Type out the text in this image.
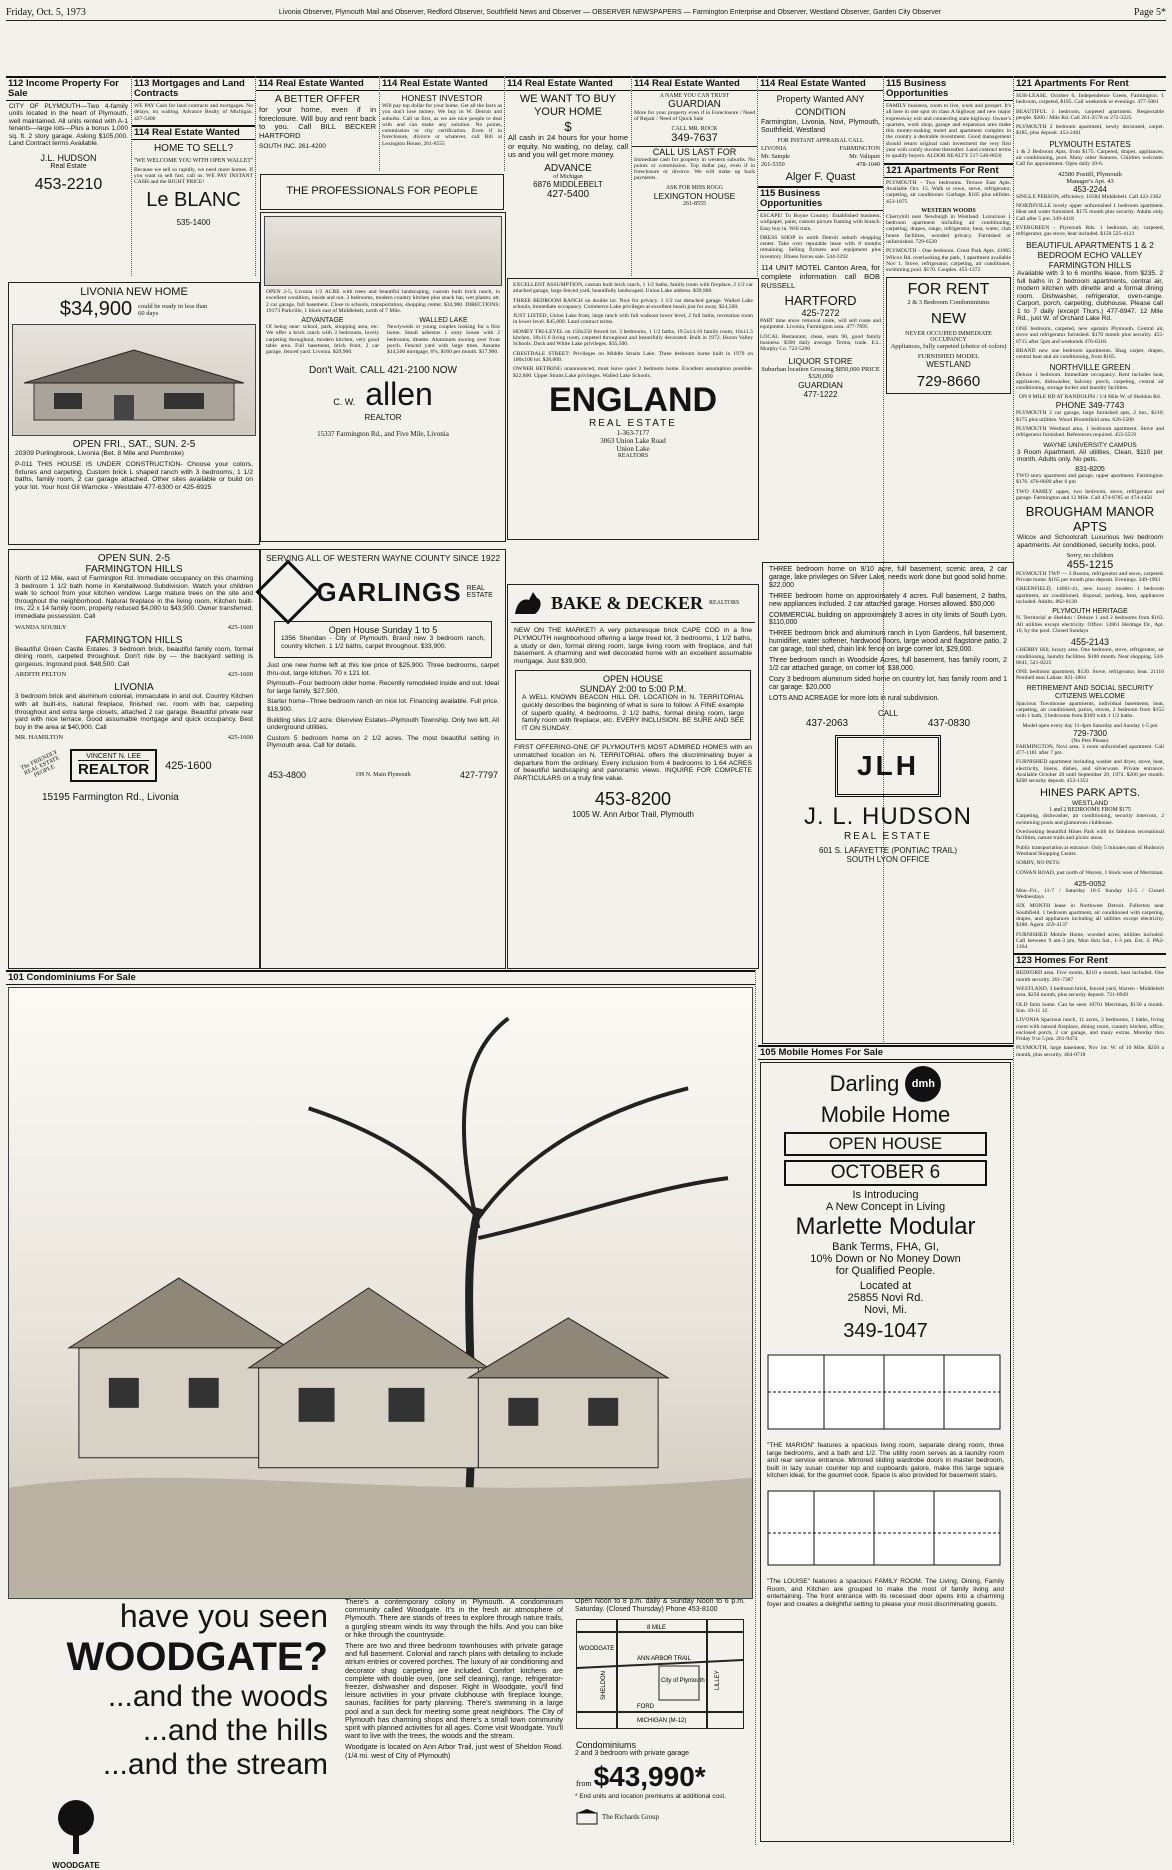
Friday, Oct. 5, 1973	Livonia Observer, Plymouth Mail and Observer, Redford Observer, Southfield News and Observer — OBSERVER NEWSPAPERS — Farmington Enterprise and Observer, Westland Observer, Garden City Observer	Page 5*
112 Income Property For Sale
CITY OF PLYMOUTH—Two 4-family units located in the heart of Plymouth, well maintained. All units rented with A-1 tenants—large lots—Plus a bonus 1,000 sq. ft. 2 story garage. Asking $105,000. Land Contract terms Available.
J.L. HUDSON
Real Estate
453-2210
113 Mortgages and Land Contracts
WE PAY Cash for land contracts and mortgages. No delays, no waiting. Advance Realty of Michigan. 427-5400
114 Real Estate Wanted
HOME TO SELL?
"WE WELCOME YOU WITH OPEN WALLET"
Because we sell so rapidly, we need more homes. If you want to sell fast, call us. WE PAY INSTANT CASH and the RIGHT PRICE!
Le BLANC
535-1400
114 Real Estate Wanted
A BETTER OFFER
for your home, even if in foreclosure. Will buy and rent back to you. Call BILL BECKER HARTFORD
SOUTH INC. 261-4200
114 Real Estate Wanted
HONEST INVESTOR
Will pay top dollar for your home. Get all the facts as you don't lose money. We buy in W. Detroit and suburbs. Call us first, as we are nice people to deal with and can make any solution. No points, commission or city certification. Even if in foreclosure, divorce or whatever, call Bill at Lexington House, 261-8555
THE PROFESSIONALS FOR PEOPLE
114 Real Estate Wanted
WE WANT TO BUY YOUR HOME
$
All cash in 24 hours for your home or equity. No waiting, no delay, call us and you will get more money.
ADVANCE
of Michigan
6876 MIDDLEBELT
427-5400
114 Real Estate Wanted
A NAME YOU CAN TRUST
GUARDIAN
More for your property even if in Foreclosure / Need of Repair / Need of Quick Sale
CALL MR. ROCK
349-7637
CALL US LAST FOR
Immediate cash for property in western suburbs. No points or commission. Top dollar pay, even if in foreclosure or divorce. We will make up back payments.
ASK FOR MISS ROGG
LEXINGTON HOUSE
261-8555
114 Real Estate Wanted
Property Wanted ANY CONDITION
Farmington, Livonia, Novi, Plymouth, Southfield, Westland
FOR INSTANT APPRAISAL CALL
LIVONIA	FARMINGTON
Mr. Sample	Mr. Valiquet
261-5350	478-1040
Alger F. Quast
115 Business Opportunities
ESCAPE! To Boyne Country. Established business; wallpaper, paint, custom picture framing with branch. Easy buy in. Will train.
DRESS SHOP in north Detroit suburb shopping center. Take over reputable lease with 8 months remaining. Selling fixtures and equipment plus inventory. Illness forces sale. 544-3292
114 UNIT MOTEL Canton Area, for complete information call BOB RUSSELL
HARTFORD
425-7272
PART time snow removal route, will sell route and equipment. Livonia, Farmington area. 477-7895
LOCAL Restaurant, clean, seats 90, good family business. $300 daily average. Terms, trade. E.L. Murphy Co. 722-5200
LIQUOR STORE
Suburban location Grossing $850,000 PRICE $320,000
GUARDIAN
477-1222
115 Business Opportunities
FAMILY business, room to live, work and prosper. It's all here in one spot on class A highway and new major expressway exit and connecting state highway. Owner's quarters, work shop, garage and expansion area make this money-making motel and apartment complex in the country a desirable investment. Good management should return original cash investment the very first year with comfy income thereafter. Land contract terms to qualify buyers. ALDOR REALTY 517-546-8650
121 Apartments For Rent
PLYMOUTH - Two bedrooms. Terrace East Apts. Available Oct. 15. Walk to town, stove, refrigerator, carpeting, air conditioner. Garbage. $185 plus utilities. 453-1875
WESTERN WOODS
Cherryhill near Newburgh in Westland. Luxurious 1 bedroom apartment including air conditioning, carpeting, drapes, range, refrigerator, heat, water, club house facilities, wooded privacy. Furnished or unfurnished. 729-6520
PLYMOUTH - One bedroom. Great Park Apts. 41065 Wilcox Rd. overlooking the park, 1 apartment available Nov 1. Stove, refrigerator, carpeting, air conditioner, swimming pool. $170. Couples. 455-1372
FOR RENT
2 & 3 Bedroom Condominiums
NEW
NEVER OCCUPIED IMMEDIATE OCCUPANCY
Appliances, fully carpeted (choice of colors)
FURNISHED MODEL
WESTLAND
729-8660
121 Apartments For Rent
SUB-LEASE, October 6, Independence Green, Farmington. 1 bedroom, carpeted, $185. Call weekends or evenings. 477-5081
BEAUTIFUL 1 bedroom, carpeted apartment. Respectable people. $200 / Mile Rd. Call 261-2578 or 272-3225
PLYMOUTH 2 bedroom apartment, newly decorated, carpet. $185, plus deposit. 453-2461
PLYMOUTH ESTATES
1 & 2 Bedroom Apts. from $175. Carpeted, drapes, appliances, air conditioning, pool. Many other features. Children welcome. Call for appointment. Open daily 10-6.
42580 Postiff, Plymouth
Manager's Apt. 43
453-2244
SINGLE PERSON, efficiency. 16584 Middlebelt. Call 422-2362
NORTHVILLE lovely upper unfurnished 1 bedroom apartment. Heat and water furnished. $175 month plus security. Adults only. Call after 5 pm. 349-4418
EVERGREEN - Plymouth Rds. 1 bedroom, air, carpeted, refrigerator, gas stove, heat included. $150 525-4123
BEAUTIFUL APARTMENTS 1 & 2 BEDROOM ECHO VALLEY FARMINGTON HILLS
Available with 3 to 6 months lease, from $235. 2 full baths in 2 bedroom apartments, central air, modern kitchen with dinette and a formal dining room. Dishwasher, refrigerator, oven-range. Carport, porch, carpeting, clubhouse. Please call 1 to 7 daily (except Thurs.) 477-8947. 12 Mile Rd., just W. of Orchard Lake Rd.
ONE bedroom, carpeted, new upstairs Plymouth. Central air, stove and refrigerator furnished. $170 month plus security. 455-6715 after 5pm and weekends 476-6318.
BRAND new one bedroom apartments. Shag carpet, drapes, central heat and air conditioning, from $185.
NORTHVILLE GREEN
Deluxe 1 bedroom. Immediate occupancy. Rent includes heat, appliances, dishwasher, balcony porch, carpeting, central air conditioning, storage locker and laundry facilities.
ON 8 MILE RD AT RANDOLPH / 1/4 Mile W. of Sheldon Rd.
PHONE 349-7743
PLYMOUTH 2 car garage, large furnished apts, 2 mo., $210; $175 plus utilities. Wood Bloomfield area. 626-5500
PLYMOUTH Westland area, 1 bedroom apartment. Stove and refrigerator furnished. References required. 453-5559
WAYNE UNIVERSITY CAMPUS
3 Room Apartment. All utilities, Clean, $110 per month. Adults only. No pets.
831-8205
TWO story apartment and garage, upper apartment. Farmington. $176. 476-6609 after 6 pm
TWO FAMILY upper, two bedroom, stove, refrigerator and garage. Farmington and 12 Mile. Call 474-8785 or 474-4456
BROUGHAM MANOR APTS
Wilcox and Schoolcraft Luxurious two bedroom apartments. Air conditioned, security locks, pool.
Sorry, no children
455-1215
PLYMOUTH TWP — 3 Rooms, refrigerator and stove, carpeted. Private home. $165 per month plus deposit. Evenings. 349-1903
GREENFIELD, 14601-41, new luxury modern 1 bedroom apartment, air conditioned, disposal, parking, heat, appliances included. Adults. 862-8138
PLYMOUTH HERITAGE
N. Territorial at Sheldon / Deluxe 1 and 2 bedrooms from $163. All utilities except electricity. Office: 12861 Heritage Dr., Apt. 10, by the pool. Closed Sundays
455-2143
CHERRY Hill, luxury area. One bedroom, stove, refrigerator, air conditioning, laundry facilities. $180 month. Near shopping. 544-8641, 541-8225
ONE bedroom apartment, $120. Stove, refrigerator, heat. 21116 Pembell near Lahser. 821-1804
RETIREMENT AND SOCIAL SECURITY CITIZENS WELCOME
Spacious Townhouse apartments, individual basements, heat, carpeting, air conditioned, patios, stoves, 2 bedroom from $155 with 1 bath, 3 bedrooms from $169 with 1 1/2 baths.
Model open every day 11-4pm Saturday and Sunday 1-5 pm
729-7300
(No Pets Please)
FARMINGTON, Novi area. 3 room unfurnished apartment. Call 477-1181 after 7 pm.
FURNISHED apartment including washer and dryer, stove, heat, electricity, linens, dishes, and silverware. Private entrance. Available October 20 until September 20, 1974. $200 per month. $200 security deposit. 453-1353
HINES PARK APTS.
WESTLAND
1 and 2 BEDROOMS FROM $175
Carpeting, dishwasher, air conditioning, security intercom, 2 swimming pools and glamorous clubhouse.
Overlooking beautiful Hines Park with its fabulous recreational facilities, nature trails and picnic areas.
Public transportation at entrance. Only 5 minutes east of Hudson's Westland Shopping Center.
SORRY, NO PETS:
COWAN ROAD, just north of Warren, 1 block west of Merriman.
425-0052
Mon.-Fri., 11-7 / Saturday 10-5 Sunday 12-5 / Closed Wednesdays
SIX MONTH lease in Northwest Detroit. Fullerton near Southfield. 1 bedroom apartment, air conditioned with carpeting, drapes, and appliances including all utilities except electricity. $180. Agent. 459-4137
FURNISHED Mobile Home, wooded acres, utilities included. Call between 9 am-3 pm, Mon thru Sat., 1-3 pm. Ext. 3. PA2-1364
123 Homes For Rent
REDFORD area. Five rooms, $210 a month, heat included. One month security. 261-7387
WESTLAND, 3 bedroom brick, fenced yard, Warren - Middlebelt area. $250 month, plus security deposit. 721-6949
OLD farm home. Can be seen 10701 Merriman, $150 a month. Sun. 10-11 12.
LIVONIA Spacious ranch, 11 acres, 3 bedrooms, 1 baths, living room with natural fireplace, dining room, country kitchen, office, enclosed porch, 2 car garage, and many extras. Monday thru Friday 9 to 5 pm. 261-9474
PLYMOUTH, large basement, Nov 1st. W. of 10 Mile. $250 a month, plus security. 464-0718
LIVONIA NEW HOME
$34,900 could be ready in less than 60 days
OPEN FRI., SAT., SUN. 2-5
20309 Purlingbrook, Livonia (Bet. 8 Mile and Pembroke)
P-011 THIS HOUSE IS UNDER CONSTRUCTION- Choose your colors, fixtures and carpeting. Custom brick L shaped ranch with 3 bedrooms, 1 1/2 baths, family room, 2 car garage attached. Other sites available or build on your lot. Your host Gil Warncke - Westdale 477-6300 or 425-6925
OPEN SUN. 2-5
FARMINGTON HILLS
North of 12 Mile, east of Farmington Rd. Immediate occupancy on this charming 3 bedroom 1 1/2 bath home in Kendallwood Subdivision. Watch your children walk to school from your kitchen window. Large mature trees on the site and throughout the neighborhood. Natural fireplace in the living room, Kitchen built-ins, 22 x 14 family room, property reduced $4,000 to $43,900. Owner transferred, immediate possession. Call
WANDA SOUBLY	425-1600
FARMINGTON HILLS
Beautiful Green Castle Estates. 3 bedroom brick, beautiful family room, formal dining room, carpeted throughout. Don't ride by — the backyard setting is gorgeous. Inground pool. $48,500. Call
ARDITH PELTON	425-1600
LIVONIA
3 bedroom brick and aluminum colonial, immaculate in and out. Country Kitchen with all built-ins, natural fireplace, finished rec. room with bar, carpeting throughout and extra large closets, attached 2 car garage. Beautiful private rear yard with nice terrace. Good assumable mortgage and quick occupancy. Best buy in the area at $40,900. Call
MR. HAMILTON	425-1600
The FRIENDLY REAL ESTATE PEOPLE
VINCENT N. LEE
REALTOR 425-1600
15195 Farmington Rd., Livonia
OPEN 2-5, Livonia 1/2 ACRE with trees and beautiful landscaping, custom built brick ranch, in excellent condition, inside and out. 3 bedrooms, modern country kitchen plus snack bar, wet plaster, att. 2 car garage, full basement. Close to schools, transportation, shopping center. $34,900. DIRECTIONS: 19173 Parkville, 1 block east of Middlebelt, north of 7 Mile.
ADVANTAGE
Of being near: school, park, shopping area, etc. We offer a brick ranch with 3 bedrooms, lovely carpeting throughout, modern kitchen, very good table area. Full basement, brick front, 2 car garage, fenced yard. Livonia. $29,900.
WALLED LAKE
Newlyweds or young couples looking for a first home. Small asbestos 1 story house with 2 bedrooms, dinette. Aluminum awning over front porch. Fenced yard with large trees. Assume $14,500 mortgage, 6%, $160 per month. $17,900.
Don't Wait. CALL 421-2100 NOW
C. W. allen
REALTOR
15337 Farmington Rd., and Five Mile, Livonia
SERVING ALL OF WESTERN WAYNE COUNTY SINCE 1922
GARLINGS REAL ESTATE
Open House Sunday 1 to 5
1356 Sheridan - City of Plymouth. Brand new 3 bedroom ranch, country kitchen. 1 1/2 baths, carpet throughout. $33,900.
Just one new home left at this low price of $25,900. Three bedrooms, carpet thru-out, large kitchen. 70 x 121 lot.
Plymouth--Four bedroom older home. Recently remodeled inside and out. Ideal for large family. $27,500.
Starter home--Three bedroom ranch on nice lot. Financing available. Full price. $18,900.
Building sites 1/2 acre. Glenview Estates--Plymouth Township. Only two left. All underground utilities.
Custom 5 bedroom home on 2 1/2 acres. The most beautiful setting in Plymouth area. Call for details.
453-4800	199 N. Main Plymouth	427-7797
EXCELLENT ASSUMPTION, custom built brick ranch, 1 1/2 baths, family room with fireplace, 2 1/2 car attached garage, large fenced yard, beautifully landscaped. Union Lake address. $39,900.
THREE BEDROOM RANCH on double lot. Nice for privacy. 1 1/2 car detached garage. Walled Lake schools, immediate occupancy. Commerce Lake privileges at excellent beach just for away. $24,500.
JUST LISTED, Union Lake front, large ranch with full walkout lower level, 2 full baths, recreation room in lower level. $45,000. Land contract terms.
HOMEY TRI-LEVEL on 150x250 fenced lot. 3 bedrooms, 1 1/2 baths, 19.5x14.10 family room, 16x11.5 kitchen, 18x11.6 living room, carpeted throughout and beautifully decorated. Built in 1972. Huron Valley Schools. Duck and White Lake privileges. $35,500.
CRESTDALE STREET: Privileges on Middle Straits Lake. Three bedroom home built in 1970 on 100x100 lot. $28,000.
OWNER RETIRING unannounced, must leave quiet 2 bedroom home. Excellent assumption possible. $22,800. Upper Straits Lake privileges. Walled Lake Schools.
ENGLAND
REAL ESTATE
1-363-7177
3063 Union Lake Road
Union Lake
REALTORS
BAKE & DECKER REALTORS
NEW ON THE MARKET! A very picturesque brick CAPE COD in a fine PLYMOUTH neighborhood offering a large treed lot, 3 bedrooms, 1 1/2 baths, a study or den, formal dining room, large living room with fireplace, and full basement. A charming and well decorated home with an excellent assumable mortgage. Just $39,900.
OPEN HOUSE
SUNDAY 2:00 to 5:00 P.M.
A WELL KNOWN BEACON HILL DR. LOCATION in N. TERRITORIAL quickly describes the beginning of what is sure to follow: A FINE example of superb quality, 4 bedrooms, 2 1/2 baths, formal dining room, large family room with fireplace, etc. EVERY INCLUSION. BE SURE AND SEE IT ON SUNDAY.
FIRST OFFERING-ONE OF PLYMOUTH'S MOST ADMIRED HOMES with an unmatched location on N. TERRITORIAL offers the discriminating buyer a departure from the ordinary. Every inclusion from 4 bedrooms to 1.64 ACRES of beautiful landscaping and panoramic views. INQUIRE FOR COMPLETE PARTICULARS on a truly fine value.
453-8200
1005 W. Ann Arbor Trail, Plymouth
THREE bedroom home on 9/10 acre, full basement, scenic area, 2 car garage, lake privileges on Silver Lake, needs work done but good solid home. $22,000
THREE bedroom home on approximately 4 acres. Full basement, 2 baths, new appliances included. 2 car attached garage. Horses allowed. $50,000
COMMERCIAL building on approximately 3 acres in city limits of South Lyon. $110,000
THREE bedroom brick and aluminum ranch in Lyon Gardens, full basement, humidifier, water softener, hardwood floors, large wood and flagstone patio, 2 car garage, tool shed, chain link fence on large corner lot, $29,000.
Three bedroom ranch in Woodside Acres, full basement, has family room, 2 1/2 car attached garage, on corner lot. $38,000.
Cozy 3 bedroom aluminum sided home on country lot, has family room and 1 car garage. $20,000
LOTS AND ACREAGE for more lots in rural subdivision.
CALL
437-2063	437-0830
JLH
J. L. HUDSON
REAL ESTATE
601 S. LAFAYETTE (PONTIAC TRAIL)
SOUTH LYON OFFICE
101 Condominiums For Sale
have you seen
WOODGATE?
...and the woods
...and the hills
...and the stream
WOODGATE
There's a contemporary colony in Plymouth. A condominium community called Woodgate. It's in the fresh air atmosphere of Plymouth. There are stands of trees to explore through nature trails, a gurgling stream winds its way through the hills. And you can bike or hike through the countryside.
There are two and three bedroom townhouses with private garage and full basement. Colonial and ranch plans with detailing to include atrium entries or covered porches. The luxury of air conditioning and decorator shag carpeting are included. Comfort kitchens are complete with double oven, (one self cleaning), range, refrigerator-freezer, dishwasher and disposer. Right in Woodgate, you'll find leisure activities in your private clubhouse with fireplace lounge, saunas, facilities for party planning. There's swimming in a large pool and a sun deck for meeting some great neighbors. The City of Plymouth has charming shops and there's a small town community spirit with planned activities for all ages. Come visit Woodgate. You'll want to live with the trees, the woods and the stream.
Woodgate is located on Ann Arbor Trail, just west of Sheldon Road. (1/4 mi. west of City of Plymouth)
Open Noon to 8 p.m. daily & Sunday Noon to 6 p.m. Saturday. (Closed Thursday) Phone 453-8100
8 MILE
ANN ARBOR TRAIL
City of Plymouth
FORD
MICHIGAN (M-12)
SHELDON
WOODGATE
LILLEY
Condominiums
2 and 3 bedroom with private garage
from $43,990*
* End units and location premiums at additional cost.
The Richards Group
105 Mobile Homes For Sale
Darling	dmh
Mobile Home
OPEN HOUSE
OCTOBER 6
Is Introducing
A New Concept in Living
Marlette Modular
Bank Terms, FHA, GI,
10% Down or No Money Down
for Qualified People.
Located at
25855 Novi Rd.
Novi, Mi.
349-1047
"THE MARION" features a spacious living room, separate dining room, three large bedrooms, and a bath and 1/2. The utility room serves as a laundry room and rear service entrance. Mirrored sliding wardrobe doors in master bedroom, built in lazy susan counter top and cupboards galore, make this large square kitchen ideal, for the gourmet cook. Space is also provided for basement stairs.
"The LOUISE" features a spacious FAMILY ROOM. The Living, Dining, Family Room, and Kitchen are grouped to make the most of family living and entertaining. The front entrance with its recessed door opens into a charming foyer and creates a delightful setting to please your most discriminating guests.
